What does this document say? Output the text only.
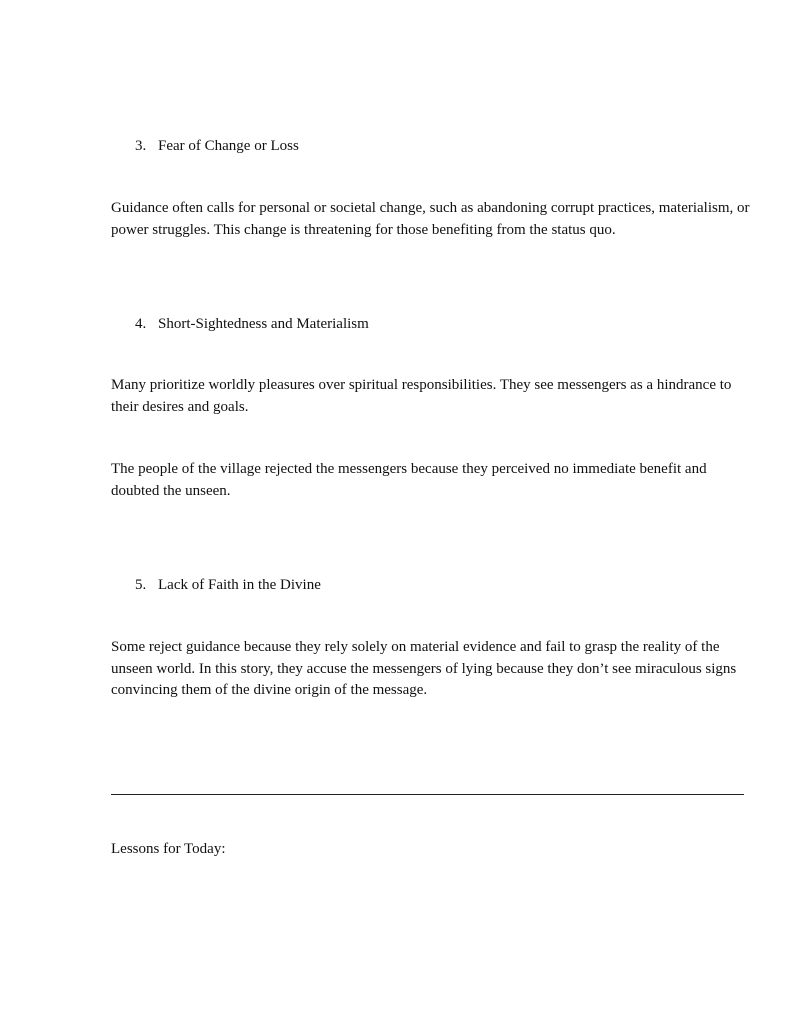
3. Fear of Change or Loss

Guidance often calls for personal or societal change, such as abandoning corrupt practices, materialism, or power struggles. This change is threatening for those benefiting from the status quo.

4. Short-Sightedness and Materialism

Many prioritize worldly pleasures over spiritual responsibilities. They see messengers as a hindrance to their desires and goals.

The people of the village rejected the messengers because they perceived no immediate benefit and doubted the unseen.

5. Lack of Faith in the Divine

Some reject guidance because they rely solely on material evidence and fail to grasp the reality of the unseen world. In this story, they accuse the messengers of lying because they don’t see miraculous signs convincing them of the divine origin of the message.

Lessons for Today:
